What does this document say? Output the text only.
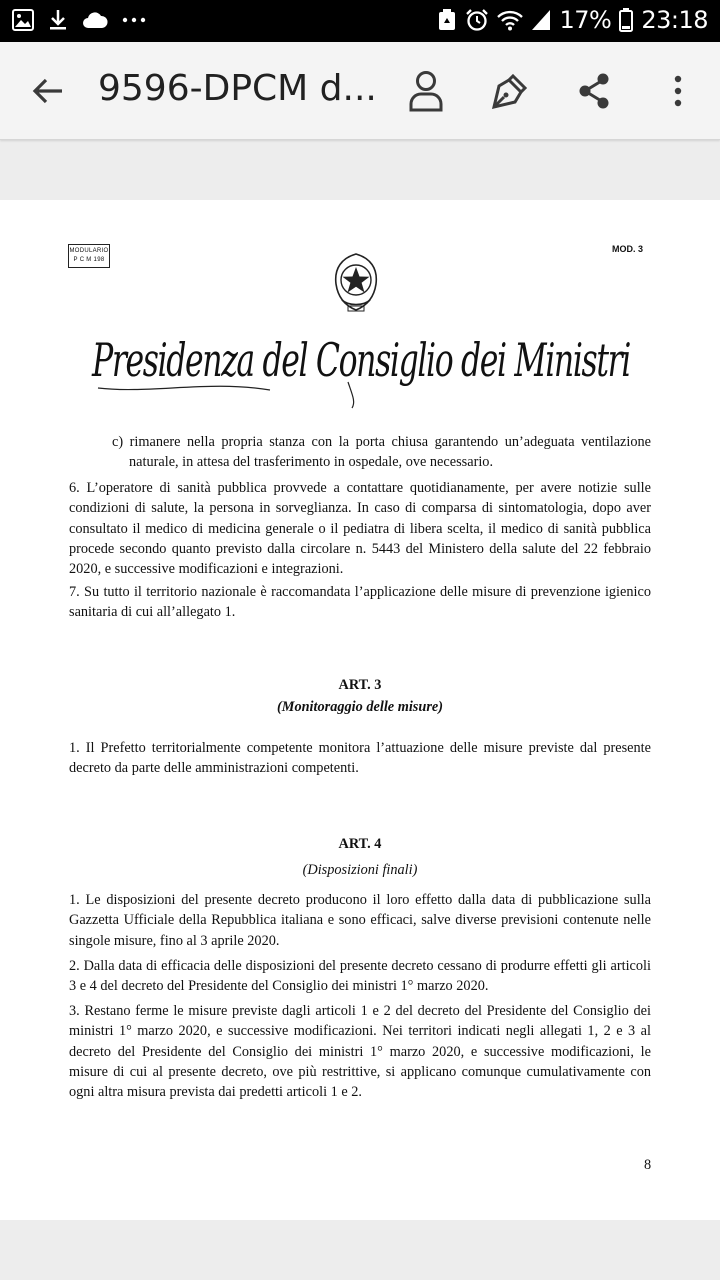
17% 23:18
9596-DPCM d...
MODULARIO
P C M 198
MOD. 3
Presidenza del Consiglio dei Ministri
c) rimanere nella propria stanza con la porta chiusa garantendo un’adeguata ventilazione naturale, in attesa del trasferimento in ospedale, ove necessario.
6. L’operatore di sanità pubblica provvede a contattare quotidianamente, per avere notizie sulle condizioni di salute, la persona in sorveglianza. In caso di comparsa di sintomatologia, dopo aver consultato il medico di medicina generale o il pediatra di libera scelta, il medico di sanità pubblica procede secondo quanto previsto dalla circolare n. 5443 del Ministero della salute del 22 febbraio 2020, e successive modificazioni e integrazioni.
7. Su tutto il territorio nazionale è raccomandata l’applicazione delle misure di prevenzione igienico sanitaria di cui all’allegato 1.
ART. 3
(Monitoraggio delle misure)
1. Il Prefetto territorialmente competente monitora l’attuazione delle misure previste dal presente decreto da parte delle amministrazioni competenti.
ART. 4
(Disposizioni finali)
1. Le disposizioni del presente decreto producono il loro effetto dalla data di pubblicazione sulla Gazzetta Ufficiale della Repubblica italiana e sono efficaci, salve diverse previsioni contenute nelle singole misure, fino al 3 aprile 2020.
2. Dalla data di efficacia delle disposizioni del presente decreto cessano di produrre effetti gli articoli 3 e 4 del decreto del Presidente del Consiglio dei ministri 1° marzo 2020.
3. Restano ferme le misure previste dagli articoli 1 e 2 del decreto del Presidente del Consiglio dei ministri 1° marzo 2020, e successive modificazioni. Nei territori indicati negli allegati 1, 2 e 3 al decreto del Presidente del Consiglio dei ministri 1° marzo 2020, e successive modificazioni, le misure di cui al presente decreto, ove più restrittive, si applicano comunque cumulativamente con ogni altra misura prevista dai predetti articoli 1 e 2.
8
